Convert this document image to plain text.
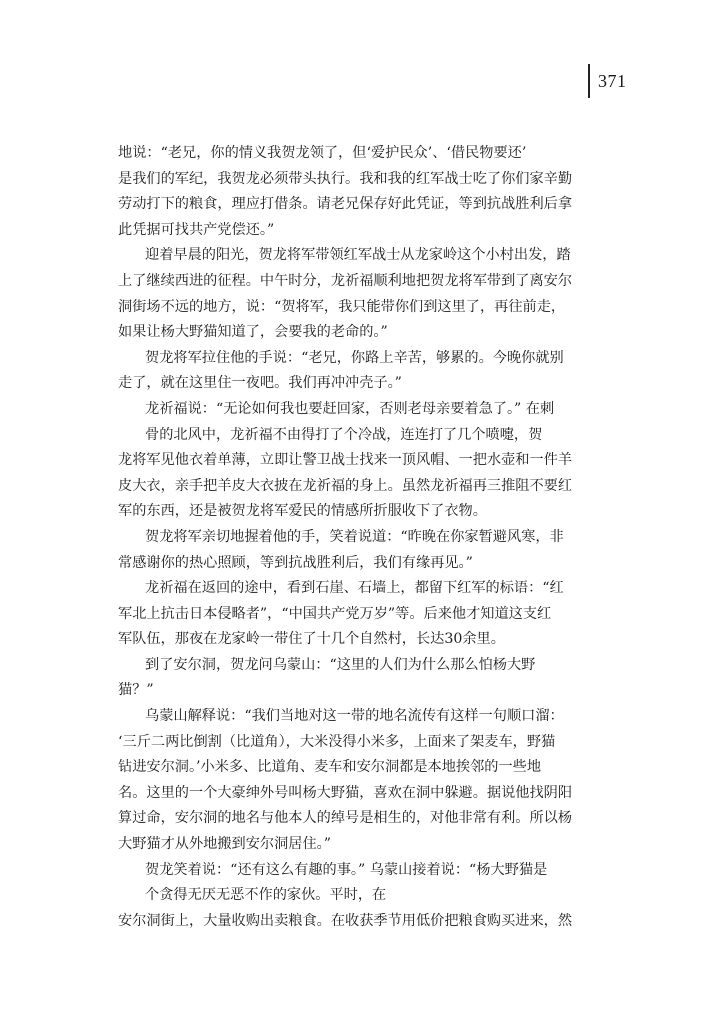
371
地说：“老兄，你的情义我贺龙领了，但‘爱护民众’、‘借民物要还’
是我们的军纪，我贺龙必须带头执行。我和我的红军战士吃了你们家辛勤
劳动打下的粮食，理应打借条。请老兄保存好此凭证，等到抗战胜利后拿
此凭据可找共产党偿还。”
迎着早晨的阳光，贺龙将军带领红军战士从龙家岭这个小村出发，踏
上了继续西进的征程。中午时分，龙祈福顺利地把贺龙将军带到了离安尔
洞街场不远的地方，说：“贺将军，我只能带你们到这里了，再往前走，
如果让杨大野猫知道了，会要我的老命的。”
贺龙将军拉住他的手说：“老兄，你路上辛苦，够累的。今晚你就别
走了，就在这里住一夜吧。我们再冲冲壳子。”
龙祈福说：“无论如何我也要赶回家，否则老母亲要着急了。” 在刺
骨的北风中，龙祈福不由得打了个冷战，连连打了几个喷嚏，贺
龙将军见他衣着单薄，立即让警卫战士找来一顶风帽、一把水壶和一件羊
皮大衣，亲手把羊皮大衣披在龙祈福的身上。虽然龙祈福再三推阻不要红
军的东西，还是被贺龙将军爱民的情感所折服收下了衣物。
贺龙将军亲切地握着他的手，笑着说道：“昨晚在你家暂避风寒，非
常感谢你的热心照顾，等到抗战胜利后，我们有缘再见。”
龙祈福在返回的途中，看到石崖、石墙上，都留下红军的标语：“红
军北上抗击日本侵略者”，“中国共产党万岁”等。后来他才知道这支红
军队伍，那夜在龙家岭一带住了十几个自然村，长达30余里。
到了安尔洞，贺龙问乌蒙山：“这里的人们为什么那么怕杨大野
猫？”
乌蒙山解释说：“我们当地对这一带的地名流传有这样一句顺口溜：
‘三斤二两比倒割（比道角），大米没得小米多，上面来了架麦车，野猫
钻进安尔洞。’小米多、比道角、麦车和安尔洞都是本地挨邻的一些地
名。这里的一个大豪绅外号叫杨大野猫，喜欢在洞中躲避。据说他找阴阳
算过命，安尔洞的地名与他本人的绰号是相生的，对他非常有利。所以杨
大野猫才从外地搬到安尔洞居住。”
贺龙笑着说：“还有这么有趣的事。” 乌蒙山接着说：“杨大野猫是
个贪得无厌无恶不作的家伙。平时，在
安尔洞街上，大量收购出卖粮食。在收获季节用低价把粮食购买进来，然
